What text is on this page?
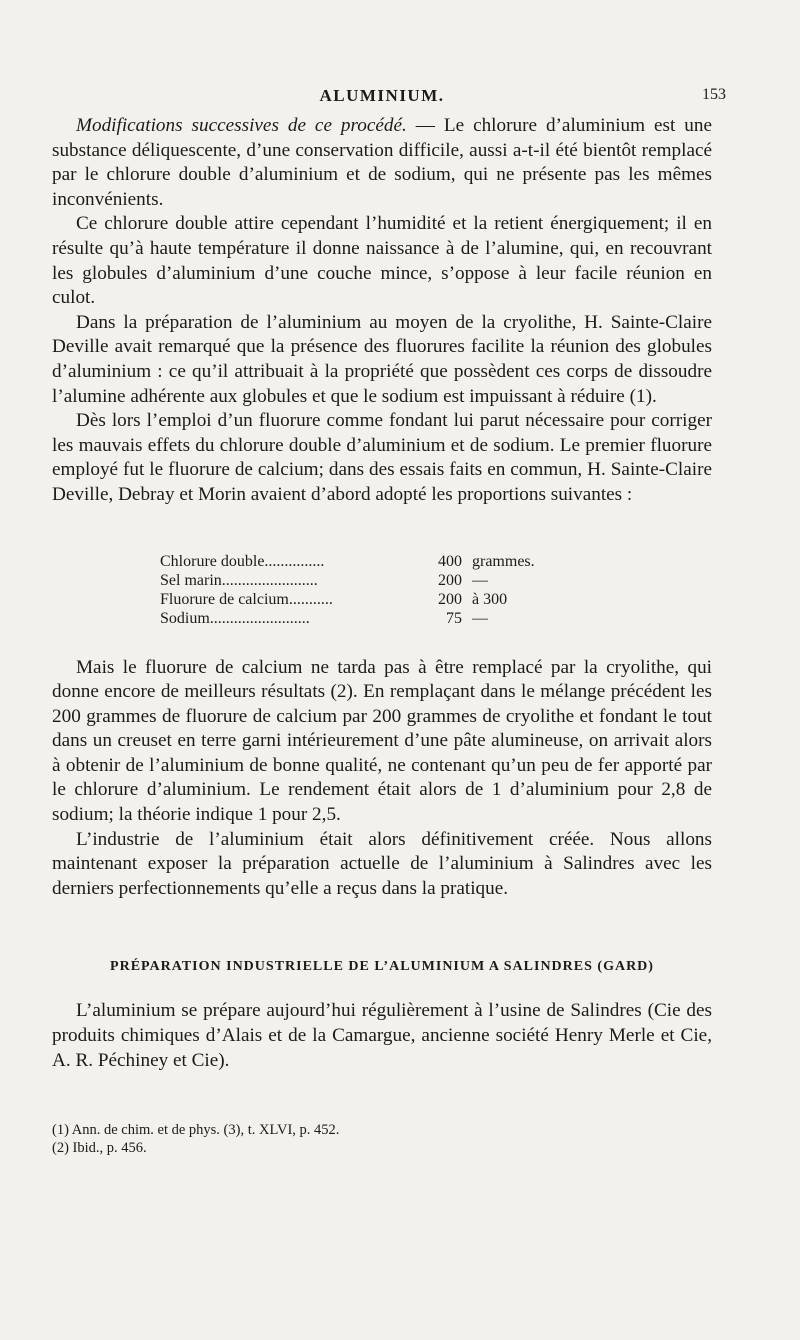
ALUMINIUM.	153

Modifications successives de ce procédé. — Le chlorure d’aluminium est une substance déliquescente, d’une conservation difficile, aussi a-t-il été bientôt remplacé par le chlorure double d’aluminium et de sodium, qui ne présente pas les mêmes inconvénients.

Ce chlorure double attire cependant l’humidité et la retient énergiquement; il en résulte qu’à haute température il donne naissance à de l’alumine, qui, en recouvrant les globules d’aluminium d’une couche mince, s’oppose à leur facile réunion en culot.

Dans la préparation de l’aluminium au moyen de la cryolithe, H. Sainte-Claire Deville avait remarqué que la présence des fluorures facilite la réunion des globules d’aluminium : ce qu’il attribuait à la propriété que possèdent ces corps de dissoudre l’alumine adhérente aux globules et que le sodium est impuissant à réduire (1).

Dès lors l’emploi d’un fluorure comme fondant lui parut nécessaire pour corriger les mauvais effets du chlorure double d’aluminium et de sodium. Le premier fluorure employé fut le fluorure de calcium; dans des essais faits en commun, H. Sainte-Claire Deville, Debray et Morin avaient d’abord adopté les proportions suivantes :

Chlorure double...............	400 grammes.
Sel marin........................	200 —
Fluorure de calcium...........	200 à 300
Sodium.........................	75 —

Mais le fluorure de calcium ne tarda pas à être remplacé par la cryolithe, qui donne encore de meilleurs résultats (2). En remplaçant dans le mélange précédent les 200 grammes de fluorure de calcium par 200 grammes de cryolithe et fondant le tout dans un creuset en terre garni intérieurement d’une pâte alumineuse, on arrivait alors à obtenir de l’aluminium de bonne qualité, ne contenant qu’un peu de fer apporté par le chlorure d’aluminium. Le rendement était alors de 1 d’aluminium pour 2,8 de sodium; la théorie indique 1 pour 2,5.

L’industrie de l’aluminium était alors définitivement créée. Nous allons maintenant exposer la préparation actuelle de l’aluminium à Salindres avec les derniers perfectionnements qu’elle a reçus dans la pratique.

PRÉPARATION INDUSTRIELLE DE L’ALUMINIUM A SALINDRES (GARD)

L’aluminium se prépare aujourd’hui régulièrement à l’usine de Salindres (Cie des produits chimiques d’Alais et de la Camargue, ancienne société Henry Merle et Cie, A. R. Péchiney et Cie).

(1) Ann. de chim. et de phys. (3), t. XLVI, p. 452.
(2) Ibid., p. 456.
